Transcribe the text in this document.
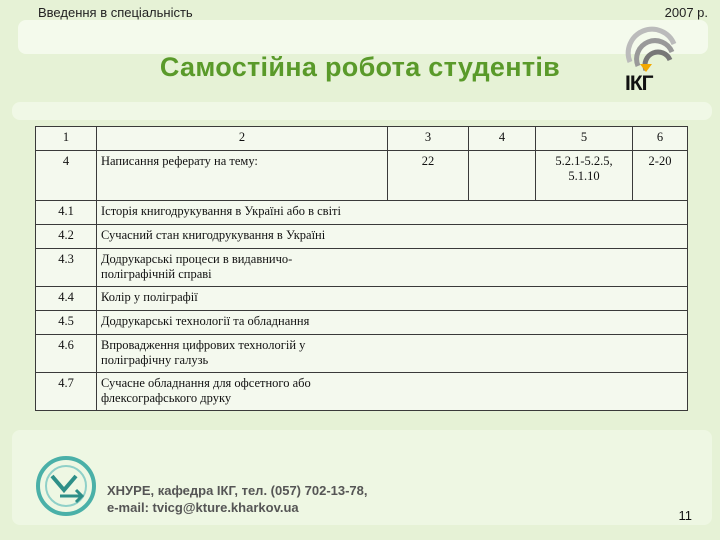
Введення в спеціальність	2007 р.
Самостійна робота студентів
ІКГ
1	2	3	4	5	6
4	Написання реферату на тему:	22		5.2.1-5.2.5, 5.1.10	2-20
4.1	Історія книгодрукування в Україні або в світі				
4.2	Сучасний стан книгодрукування в Україні				
4.3	Додрукарські процеси в видавничо-поліграфічній справі				

4.4	Колір у поліграфії				
4.5	Додрукарські технології та обладнання				
4.6	Впровадження цифрових технологій у поліграфічну галузь				

4.7	Сучасне обладнання для офсетного або флексографського друку				
ХНУРЕ, кафедра ІКГ, тел. (057) 702-13-78,
e-mail: tvicg@kture.kharkov.ua
11
